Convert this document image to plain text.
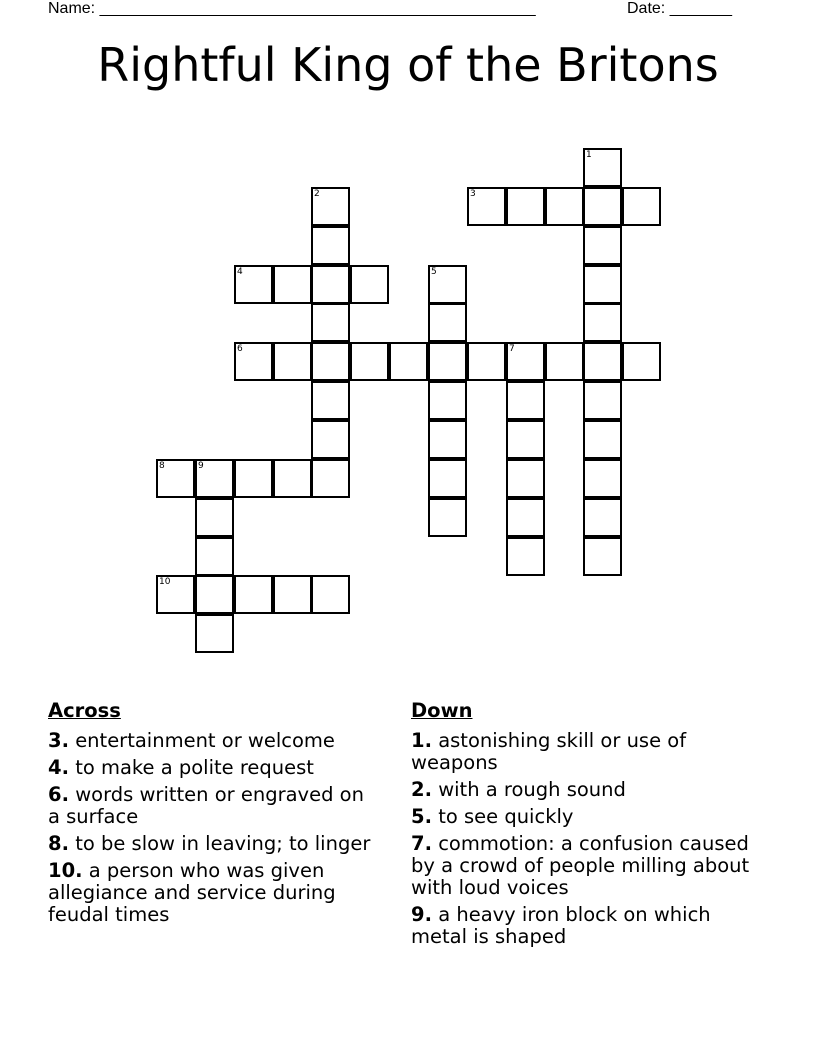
Name: _________________________________________________	Date: _______
Rightful King of the Britons
1
2	3
4	5
6	7
8	9
10
Across
3. entertainment or welcome
4. to make a polite request
6. words written or engraved on a surface
8. to be slow in leaving; to linger
10. a person who was given allegiance and service during feudal times
Down
1. astonishing skill or use of weapons
2. with a rough sound
5. to see quickly
7. commotion: a confusion caused by a crowd of people milling about with loud voices
9. a heavy iron block on which metal is shaped
